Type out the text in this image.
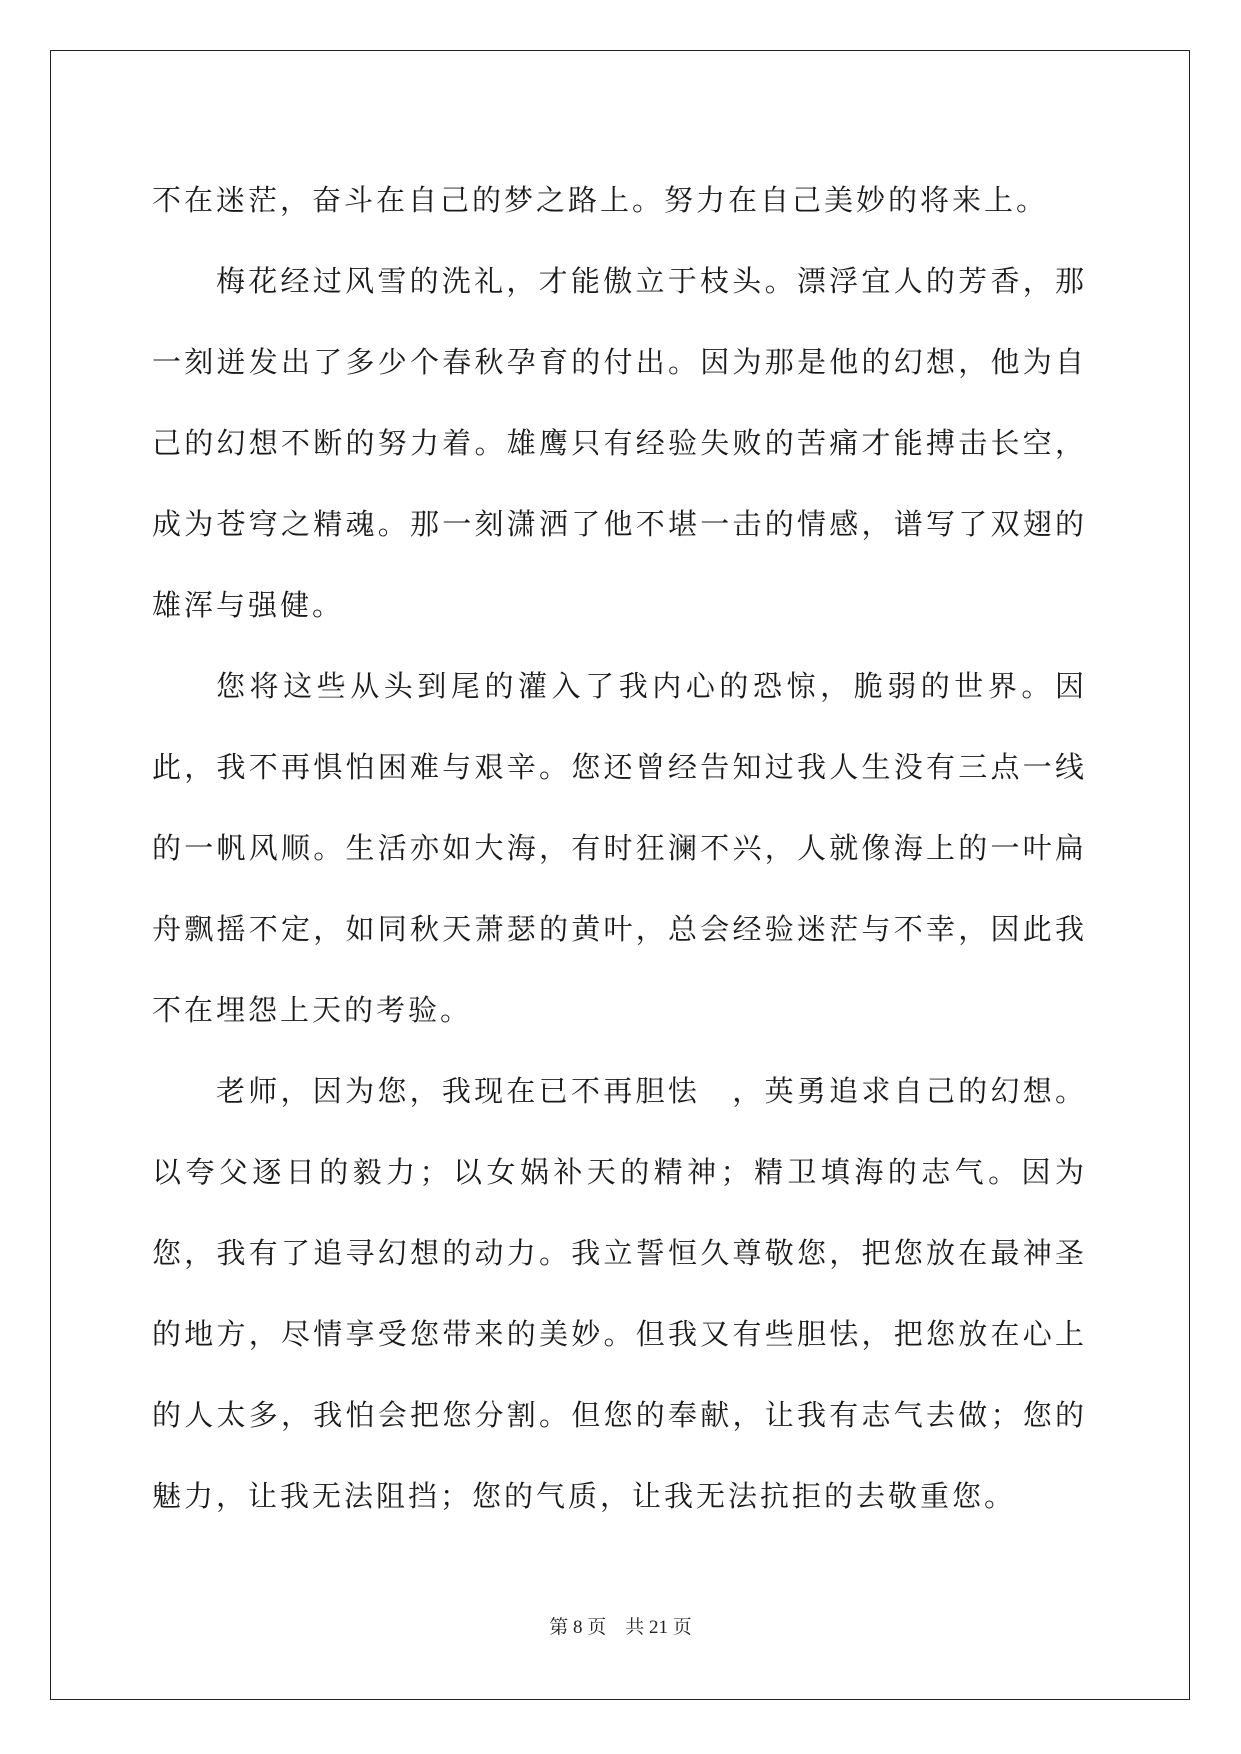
不在迷茫，奋斗在自己的梦之路上。努力在自己美妙的将来上。

梅花经过风雪的洗礼，才能傲立于枝头。漂浮宜人的芳香，那一刻迸发出了多少个春秋孕育的付出。因为那是他的幻想，他为自己的幻想不断的努力着。雄鹰只有经验失败的苦痛才能搏击长空，成为苍穹之精魂。那一刻潇洒了他不堪一击的情感，谱写了双翅的雄浑与强健。

您将这些从头到尾的灌入了我内心的恐惊，脆弱的世界。因此，我不再惧怕困难与艰辛。您还曾经告知过我人生没有三点一线的一帆风顺。生活亦如大海，有时狂澜不兴，人就像海上的一叶扁舟飘摇不定，如同秋天萧瑟的黄叶，总会经验迷茫与不幸，因此我不在埋怨上天的考验。

老师，因为您，我现在已不再胆怯　，英勇追求自己的幻想。以夸父逐日的毅力；以女娲补天的精神；精卫填海的志气。因为您，我有了追寻幻想的动力。我立誓恒久尊敬您，把您放在最神圣的地方，尽情享受您带来的美妙。但我又有些胆怯，把您放在心上的人太多，我怕会把您分割。但您的奉献，让我有志气去做；您的魅力，让我无法阻挡；您的气质，让我无法抗拒的去敬重您。

第 8 页 共 21 页
